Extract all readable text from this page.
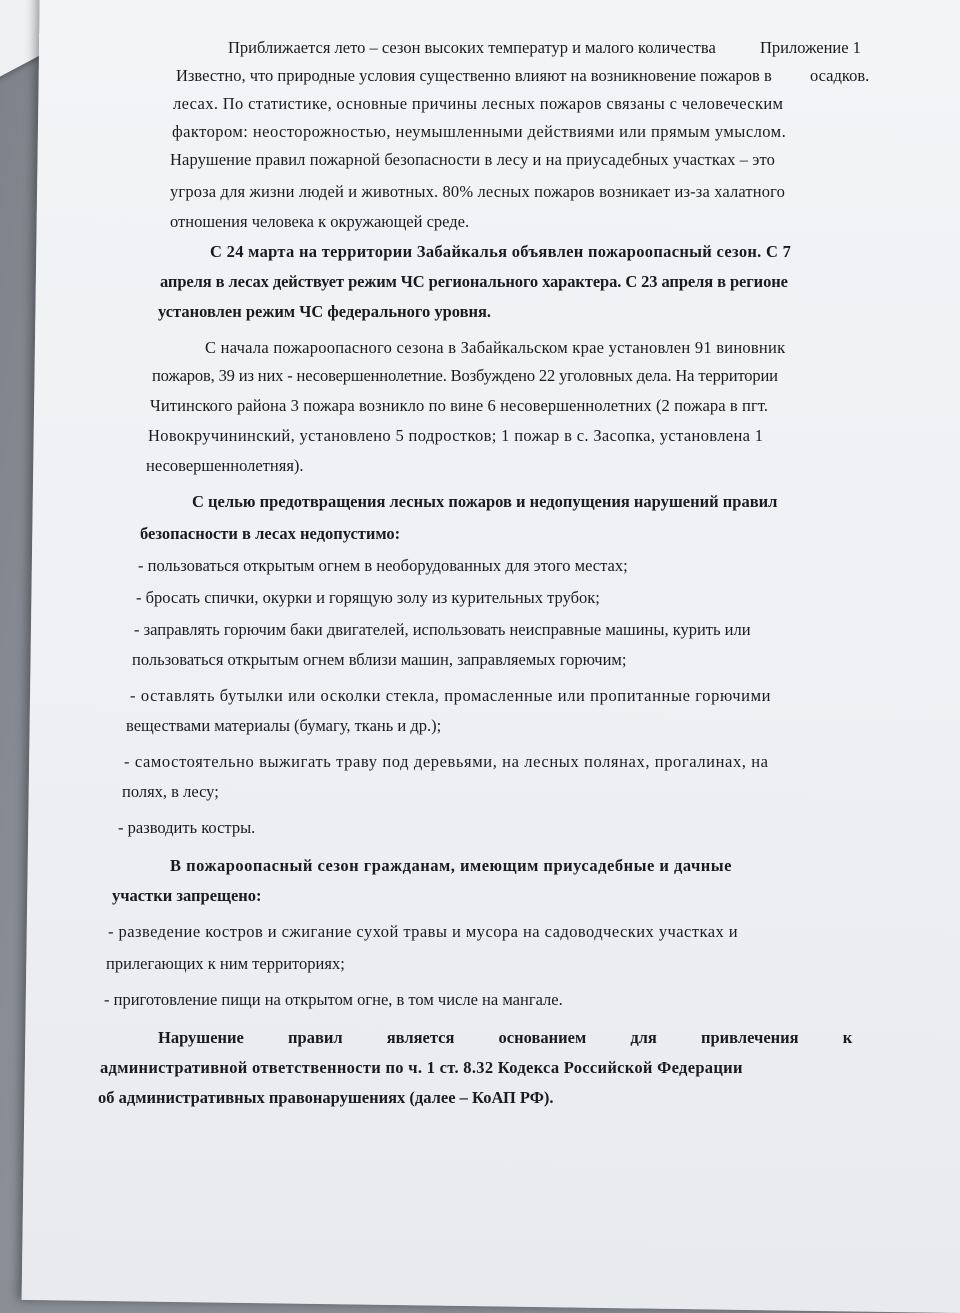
Приложение 1
Приближается лето – сезон высоких температур и малого количества
осадков.
Известно, что природные условия существенно влияют на возникновение пожаров в
лесах. По статистике, основные причины лесных пожаров связаны с человеческим
фактором: неосторожностью, неумышленными действиями или прямым умыслом.
Нарушение правил пожарной безопасности в лесу и на приусадебных участках – это
угроза для жизни людей и животных. 80% лесных пожаров возникает из-за халатного
отношения человека к окружающей среде.
С 24 марта на территории Забайкалья объявлен пожароопасный сезон. С 7
апреля в лесах действует режим ЧС регионального характера. С 23 апреля в регионе
установлен режим ЧС федерального уровня.
С начала пожароопасного сезона в Забайкальском крае установлен 91 виновник
пожаров, 39 из них - несовершеннолетние. Возбуждено 22 уголовных дела. На территории
Читинского района 3 пожара возникло по вине 6 несовершеннолетних (2 пожара в пгт.
Новокручининский, установлено 5 подростков; 1 пожар в с. Засопка, установлена 1
несовершеннолетняя).
С целью предотвращения лесных пожаров и недопущения нарушений правил
безопасности в лесах недопустимо:
- пользоваться открытым огнем в необорудованных для этого местах;
- бросать спички, окурки и горящую золу из курительных трубок;
- заправлять горючим баки двигателей, использовать неисправные машины, курить или
пользоваться открытым огнем вблизи машин, заправляемых горючим;
- оставлять бутылки или осколки стекла, промасленные или пропитанные горючими
веществами материалы (бумагу, ткань и др.);
- самостоятельно выжигать траву под деревьями, на лесных полянах, прогалинах, на
полях, в лесу;
- разводить костры.
В пожароопасный сезон гражданам, имеющим приусадебные и дачные
участки запрещено:
- разведение костров и сжигание сухой травы и мусора на садоводческих участках и
прилегающих к ним территориях;
- приготовление пищи на открытом огне, в том числе на мангале.
Нарушение правил является основанием для привлечения к
административной ответственности по ч. 1 ст. 8.32 Кодекса Российской Федерации
об административных правонарушениях (далее – КоАП РФ).
